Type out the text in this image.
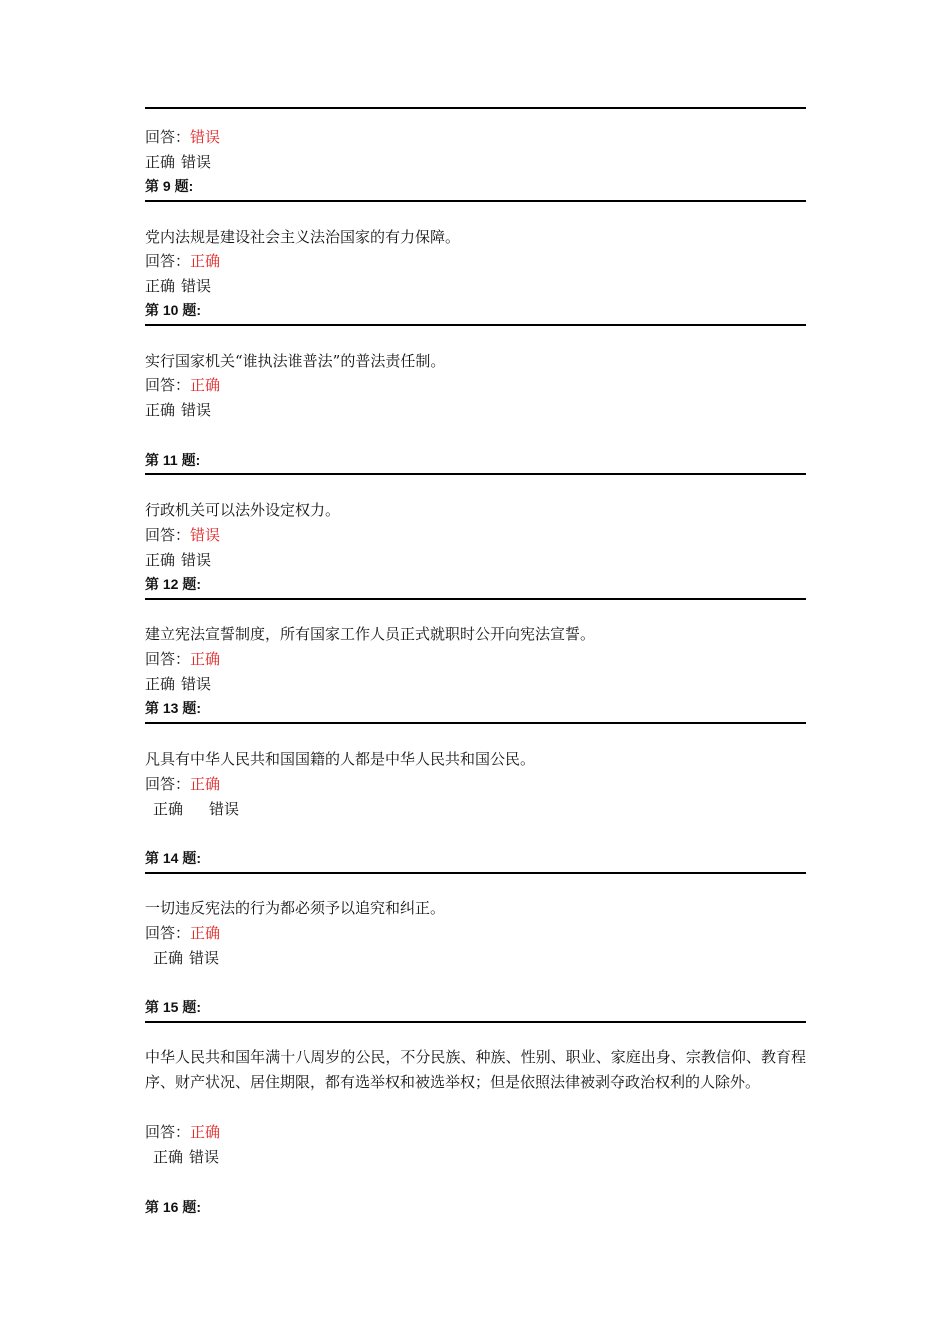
回答：错误
正确 错误
第 9 题:
党内法规是建设社会主义法治国家的有力保障。
回答：正确
正确 错误
第 10 题:
实行国家机关“谁执法谁普法”的普法责任制。
回答：正确
正确 错误
第 11 题:
行政机关可以法外设定权力。
回答：错误
正确 错误
第 12 题:
建立宪法宣誓制度，所有国家工作人员正式就职时公开向宪法宣誓。
回答：正确
正确 错误
第 13 题:
凡具有中华人民共和国国籍的人都是中华人民共和国公民。
回答：正确
正确 错误
第 14 题:
一切违反宪法的行为都必须予以追究和纠正。
回答：正确
正确 错误
第 15 题:
中华人民共和国年满十八周岁的公民，不分民族、种族、性别、职业、家庭出身、宗教信仰、教育程序、财产状况、居住期限，都有选举权和被选举权；但是依照法律被剥夺政治权利的人除外。
回答：正确
正确 错误
第 16 题:
